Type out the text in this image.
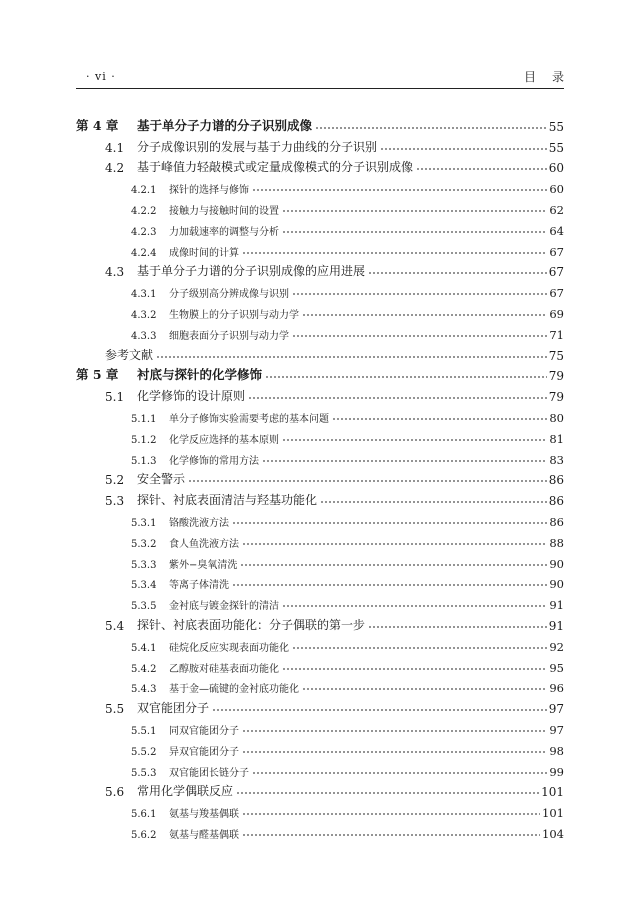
· vi ·	目录
第 4 章	基于单分子力谱的分子识别成像	55
4.1	分子成像识别的发展与基于力曲线的分子识别	55
4.2	基于峰值力轻敲模式或定量成像模式的分子识别成像	60
4.2.1	探针的选择与修饰	60
4.2.2	接触力与接触时间的设置	62
4.2.3	力加载速率的调整与分析	64
4.2.4	成像时间的计算	67
4.3	基于单分子力谱的分子识别成像的应用进展	67
4.3.1	分子级别高分辨成像与识别	67
4.3.2	生物膜上的分子识别与动力学	69
4.3.3	细胞表面分子识别与动力学	71
参考文献	75
第 5 章	衬底与探针的化学修饰	79
5.1	化学修饰的设计原则	79
5.1.1	单分子修饰实验需要考虑的基本问题	80
5.1.2	化学反应选择的基本原则	81
5.1.3	化学修饰的常用方法	83
5.2	安全警示	86
5.3	探针、衬底表面清洁与羟基功能化	86
5.3.1	铬酸洗液方法	86
5.3.2	食人鱼洗液方法	88
5.3.3	紫外−臭氧清洗	90
5.3.4	等离子体清洗	90
5.3.5	金衬底与镀金探针的清洁	91
5.4	探针、衬底表面功能化：分子偶联的第一步	91
5.4.1	硅烷化反应实现表面功能化	92
5.4.2	乙醇胺对硅基表面功能化	95
5.4.3	基于金—硫键的金衬底功能化	96
5.5	双官能团分子	97
5.5.1	同双官能团分子	97
5.5.2	异双官能团分子	98
5.5.3	双官能团长链分子	99
5.6	常用化学偶联反应	101
5.6.1	氨基与羧基偶联	101
5.6.2	氨基与醛基偶联	104
